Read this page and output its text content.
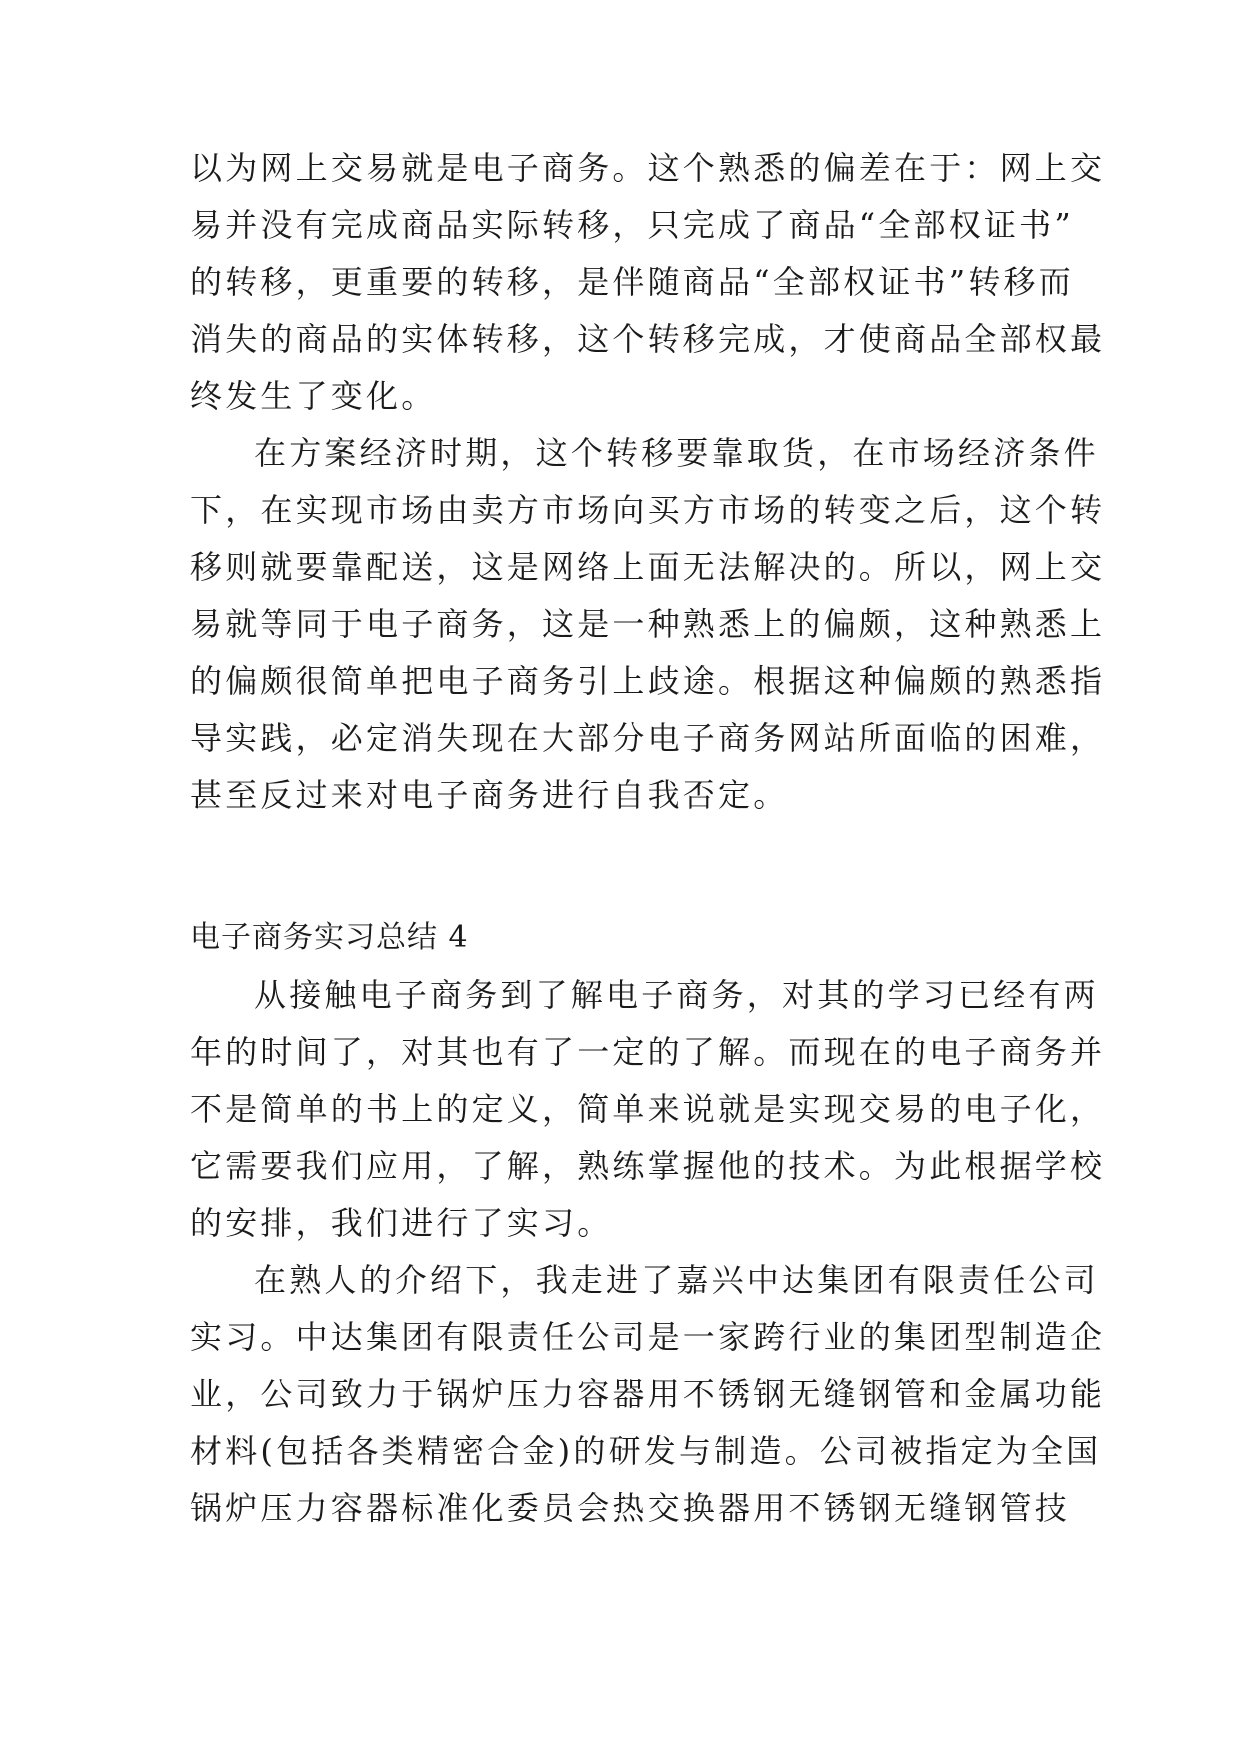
以为网上交易就是电子商务。这个熟悉的偏差在于：网上交
易并没有完成商品实际转移，只完成了商品“全部权证书”
的转移，更重要的转移，是伴随商品“全部权证书”转移而
消失的商品的实体转移，这个转移完成，才使商品全部权最
终发生了变化。
在方案经济时期，这个转移要靠取货，在市场经济条件
下，在实现市场由卖方市场向买方市场的转变之后，这个转
移则就要靠配送，这是网络上面无法解决的。所以，网上交
易就等同于电子商务，这是一种熟悉上的偏颇，这种熟悉上
的偏颇很简单把电子商务引上歧途。根据这种偏颇的熟悉指
导实践，必定消失现在大部分电子商务网站所面临的困难，
甚至反过来对电子商务进行自我否定。
电子商务实习总结 4
从接触电子商务到了解电子商务，对其的学习已经有两
年的时间了，对其也有了一定的了解。而现在的电子商务并
不是简单的书上的定义，简单来说就是实现交易的电子化，
它需要我们应用，了解，熟练掌握他的技术。为此根据学校
的安排，我们进行了实习。
在熟人的介绍下，我走进了嘉兴中达集团有限责任公司
实习。中达集团有限责任公司是一家跨行业的集团型制造企
业，公司致力于锅炉压力容器用不锈钢无缝钢管和金属功能
材料(包括各类精密合金)的研发与制造。公司被指定为全国
锅炉压力容器标准化委员会热交换器用不锈钢无缝钢管技
